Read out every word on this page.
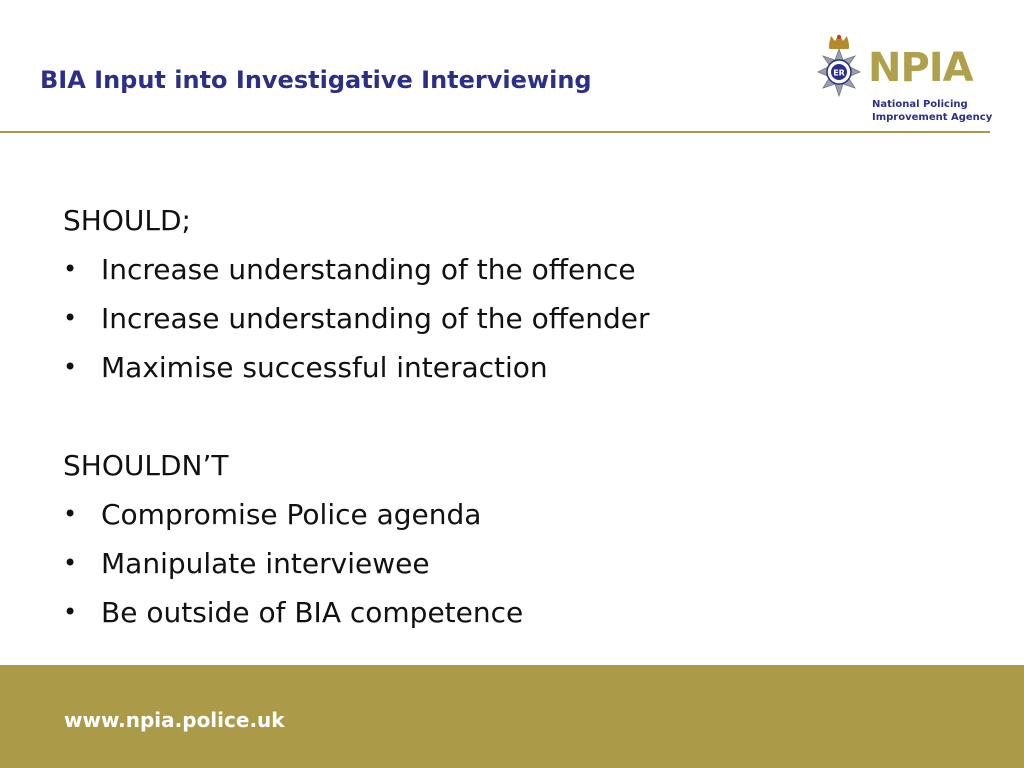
BIA Input into Investigative Interviewing	ER NPIA
National Policing
Improvement Agency
SHOULD;
• Increase understanding of the offence
• Increase understanding of the offender
• Maximise successful interaction
SHOULDN’T
• Compromise Police agenda
• Manipulate interviewee
• Be outside of BIA competence
www.npia.police.uk
